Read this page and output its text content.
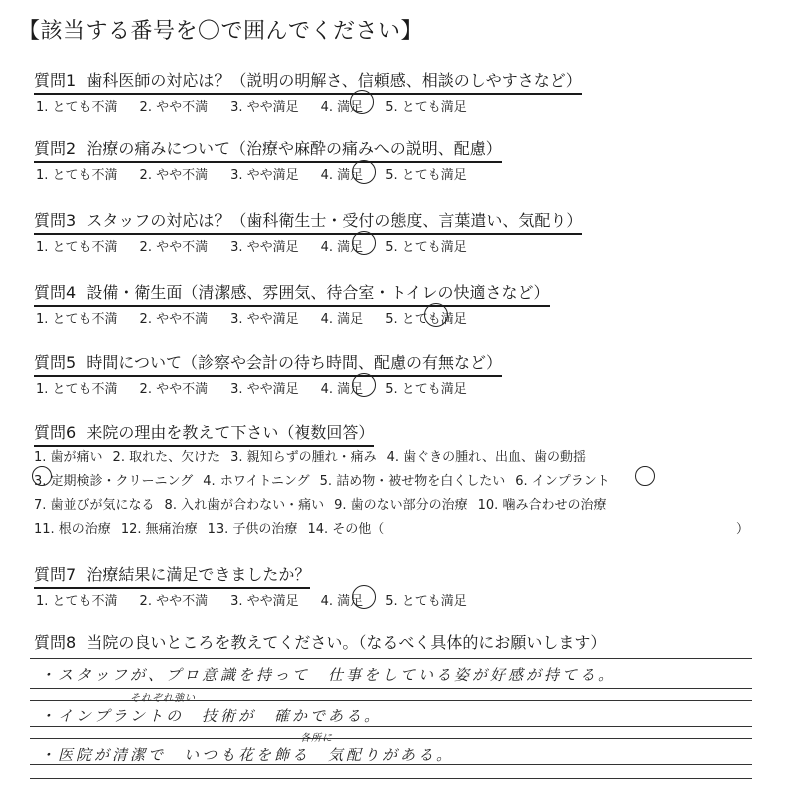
【該当する番号を〇で囲んでください】
質問1 歯科医師の対応は？（説明の明解さ、信頼感、相談のしやすさなど）
1. とても不満 2. やや不満 3. やや満足 4. 満足 5. とても満足
質問2 治療の痛みについて（治療や麻酔の痛みへの説明、配慮）
1. とても不満 2. やや不満 3. やや満足 4. 満足 5. とても満足
質問3 スタッフの対応は？（歯科衛生士・受付の態度、言葉遣い、気配り）
1. とても不満 2. やや不満 3. やや満足 4. 満足 5. とても満足
質問4 設備・衛生面（清潔感、雰囲気、待合室・トイレの快適さなど）
1. とても不満 2. やや不満 3. やや満足 4. 満足 5. とても満足
質問5 時間について（診察や会計の待ち時間、配慮の有無など）
1. とても不満 2. やや不満 3. やや満足 4. 満足 5. とても満足
質問6 来院の理由を教えて下さい（複数回答）
1. 歯が痛い 2. 取れた、欠けた 3. 親知らずの腫れ・痛み 4. 歯ぐきの腫れ、出血、歯の動揺
3. 定期検診・クリーニング 4. ホワイトニング 5. 詰め物・被せ物を白くしたい 6. インプラント
7. 歯並びが気になる 8. 入れ歯が合わない・痛い 9. 歯のない部分の治療 10. 噛み合わせの治療
11. 根の治療 12. 無痛治療 13. 子供の治療 14. その他（	）
質問7 治療結果に満足できましたか？
1. とても不満 2. やや不満 3. やや満足 4. 満足 5. とても満足
質問8 当院の良いところを教えてください。（なるべく具体的にお願いします）
・スタッフが、プロ意識を持って　仕事をしている姿が好感が持てる。
それぞれ強い
・インプラントの　技術が　確かである。
各所に
・医院が清潔で　いつも花を飾る　気配りがある。
